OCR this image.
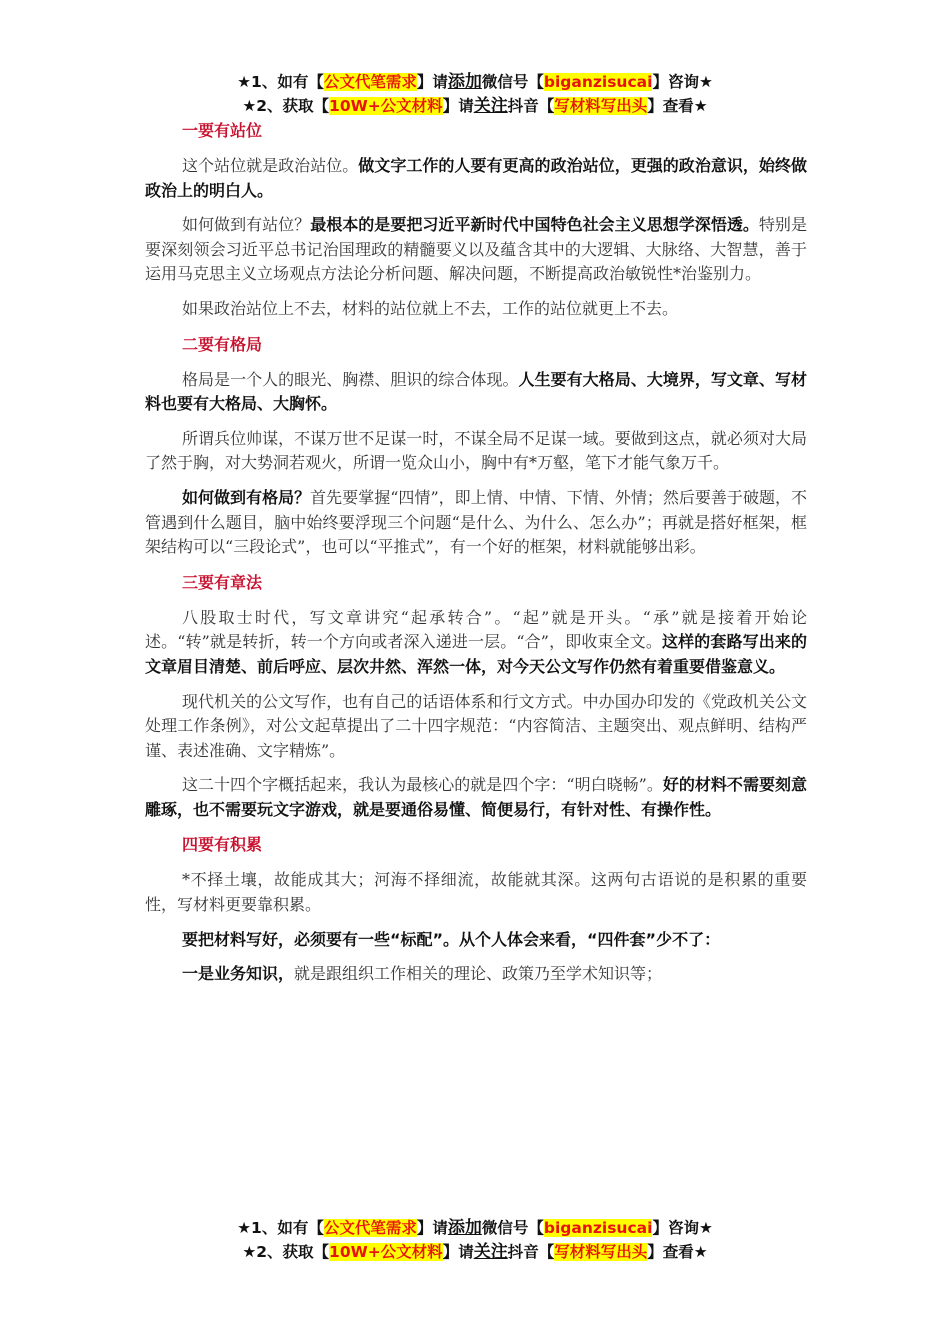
★1、如有【公文代笔需求】请添加微信号【biganzisucai】咨询★
★2、获取【10W+公文材料】请关注抖音【写材料写出头】查看★
一要有站位
这个站位就是政治站位。做文字工作的人要有更高的政治站位，更强的政治意识，始终做政治上的明白人。
如何做到有站位？最根本的是要把习近平新时代中国特色社会主义思想学深悟透。特别是要深刻领会习近平总书记治国理政的精髓要义以及蕴含其中的大逻辑、大脉络、大智慧，善于运用马克思主义立场观点方法论分析问题、解决问题，不断提高政治敏锐性*治鉴别力。
如果政治站位上不去，材料的站位就上不去，工作的站位就更上不去。
二要有格局
格局是一个人的眼光、胸襟、胆识的综合体现。人生要有大格局、大境界，写文章、写材料也要有大格局、大胸怀。
所谓兵位帅谋，不谋万世不足谋一时，不谋全局不足谋一域。要做到这点，就必须对大局了然于胸，对大势洞若观火，所谓一览众山小，胸中有*万壑，笔下才能气象万千。
如何做到有格局？首先要掌握“四情”，即上情、中情、下情、外情；然后要善于破题，不管遇到什么题目，脑中始终要浮现三个问题“是什么、为什么、怎么办”；再就是搭好框架，框架结构可以“三段论式”，也可以“平推式”，有一个好的框架，材料就能够出彩。
三要有章法
八股取士时代，写文章讲究“起承转合”。“起”就是开头。“承”就是接着开始论述。“转”就是转折，转一个方向或者深入递进一层。“合”，即收束全文。这样的套路写出来的文章眉目清楚、前后呼应、层次井然、浑然一体，对今天公文写作仍然有着重要借鉴意义。
现代机关的公文写作，也有自己的话语体系和行文方式。中办国办印发的《党政机关公文处理工作条例》，对公文起草提出了二十四字规范：“内容简洁、主题突出、观点鲜明、结构严谨、表述准确、文字精炼”。
这二十四个字概括起来，我认为最核心的就是四个字：“明白晓畅”。好的材料不需要刻意雕琢，也不需要玩文字游戏，就是要通俗易懂、简便易行，有针对性、有操作性。
四要有积累
*不择土壤，故能成其大；河海不择细流，故能就其深。这两句古语说的是积累的重要性，写材料更要靠积累。
要把材料写好，必须要有一些“标配”。从个人体会来看，“四件套”少不了：
一是业务知识，就是跟组织工作相关的理论、政策乃至学术知识等；
★1、如有【公文代笔需求】请添加微信号【biganzisucai】咨询★
★2、获取【10W+公文材料】请关注抖音【写材料写出头】查看★
